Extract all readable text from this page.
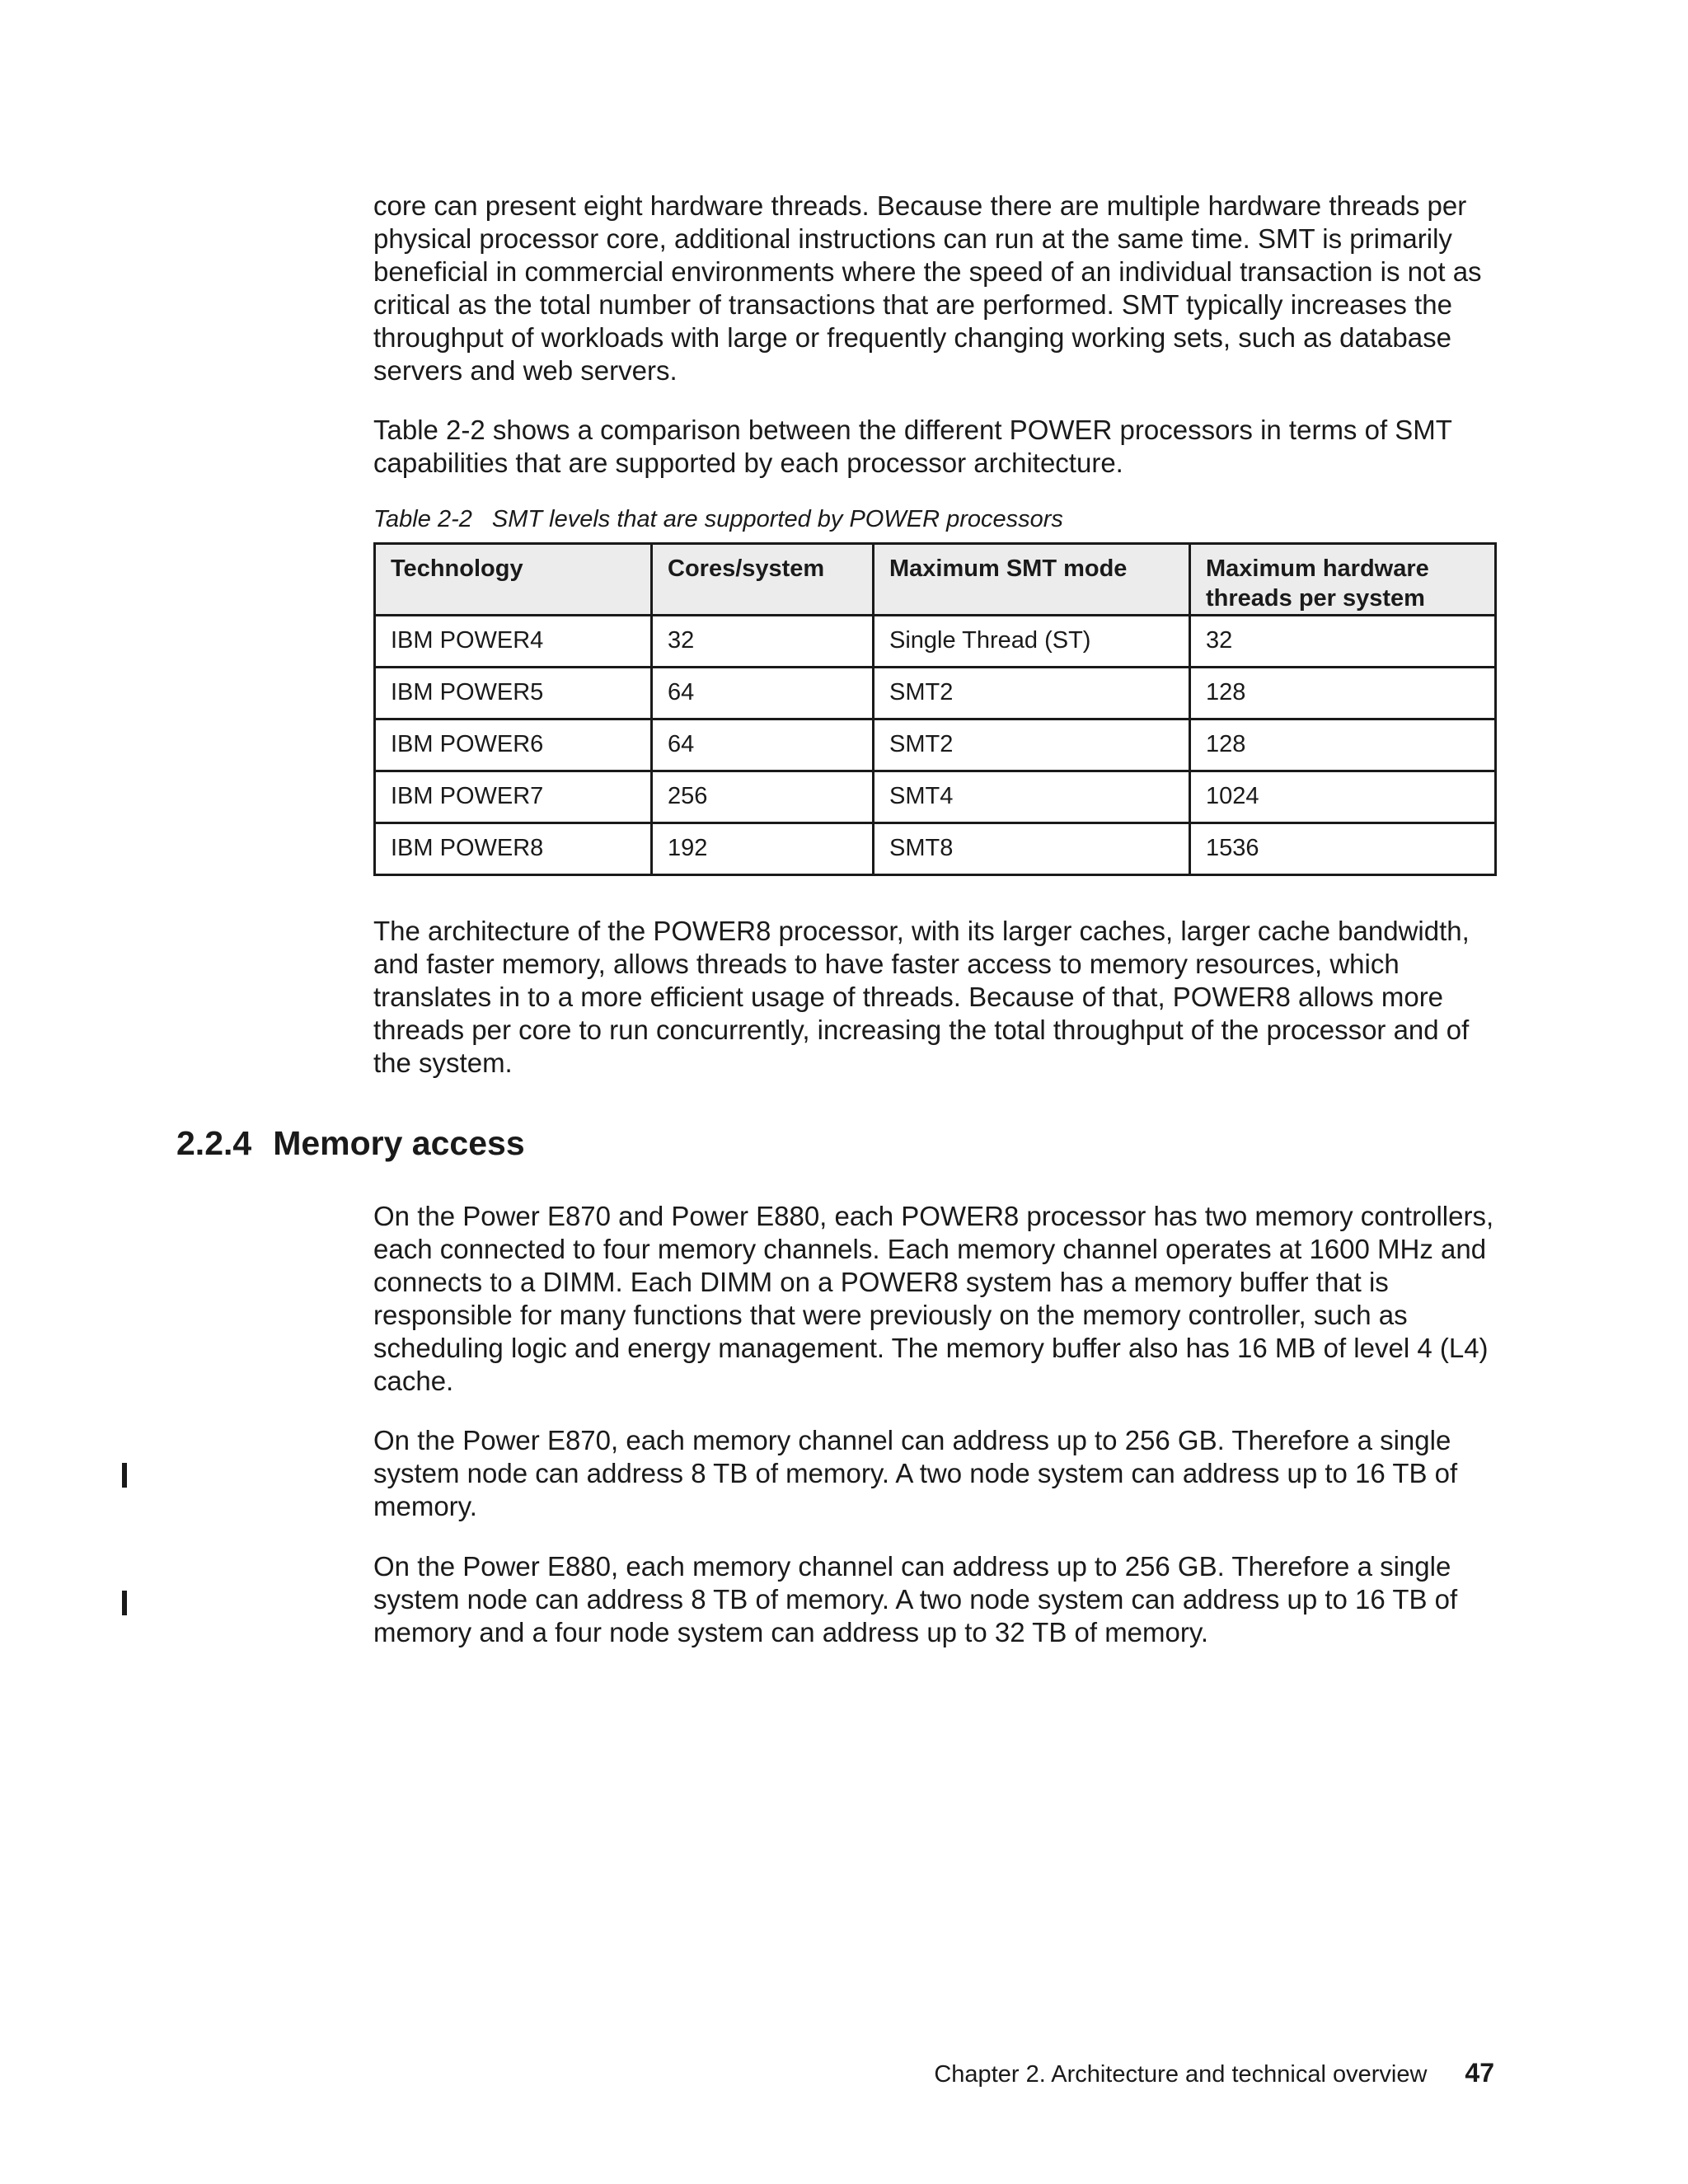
core can present eight hardware threads. Because there are multiple hardware threads per physical processor core, additional instructions can run at the same time. SMT is primarily beneficial in commercial environments where the speed of an individual transaction is not as critical as the total number of transactions that are performed. SMT typically increases the throughput of workloads with large or frequently changing working sets, such as database servers and web servers.

Table 2-2 shows a comparison between the different POWER processors in terms of SMT capabilities that are supported by each processor architecture.

Table 2-2 SMT levels that are supported by POWER processors

Technology	Cores/system	Maximum SMT mode	Maximum hardware threads per system
IBM POWER4	32	Single Thread (ST)	32
IBM POWER5	64	SMT2	128
IBM POWER6	64	SMT2	128
IBM POWER7	256	SMT4	1024
IBM POWER8	192	SMT8	1536

The architecture of the POWER8 processor, with its larger caches, larger cache bandwidth, and faster memory, allows threads to have faster access to memory resources, which translates in to a more efficient usage of threads. Because of that, POWER8 allows more threads per core to run concurrently, increasing the total throughput of the processor and of the system.

2.2.4 Memory access

On the Power E870 and Power E880, each POWER8 processor has two memory controllers, each connected to four memory channels. Each memory channel operates at 1600 MHz and connects to a DIMM. Each DIMM on a POWER8 system has a memory buffer that is responsible for many functions that were previously on the memory controller, such as scheduling logic and energy management. The memory buffer also has 16 MB of level 4 (L4) cache.

On the Power E870, each memory channel can address up to 256 GB. Therefore a single system node can address 8 TB of memory. A two node system can address up to 16 TB of memory.

On the Power E880, each memory channel can address up to 256 GB. Therefore a single system node can address 8 TB of memory. A two node system can address up to 16 TB of memory and a four node system can address up to 32 TB of memory.

Chapter 2. Architecture and technical overview 47
